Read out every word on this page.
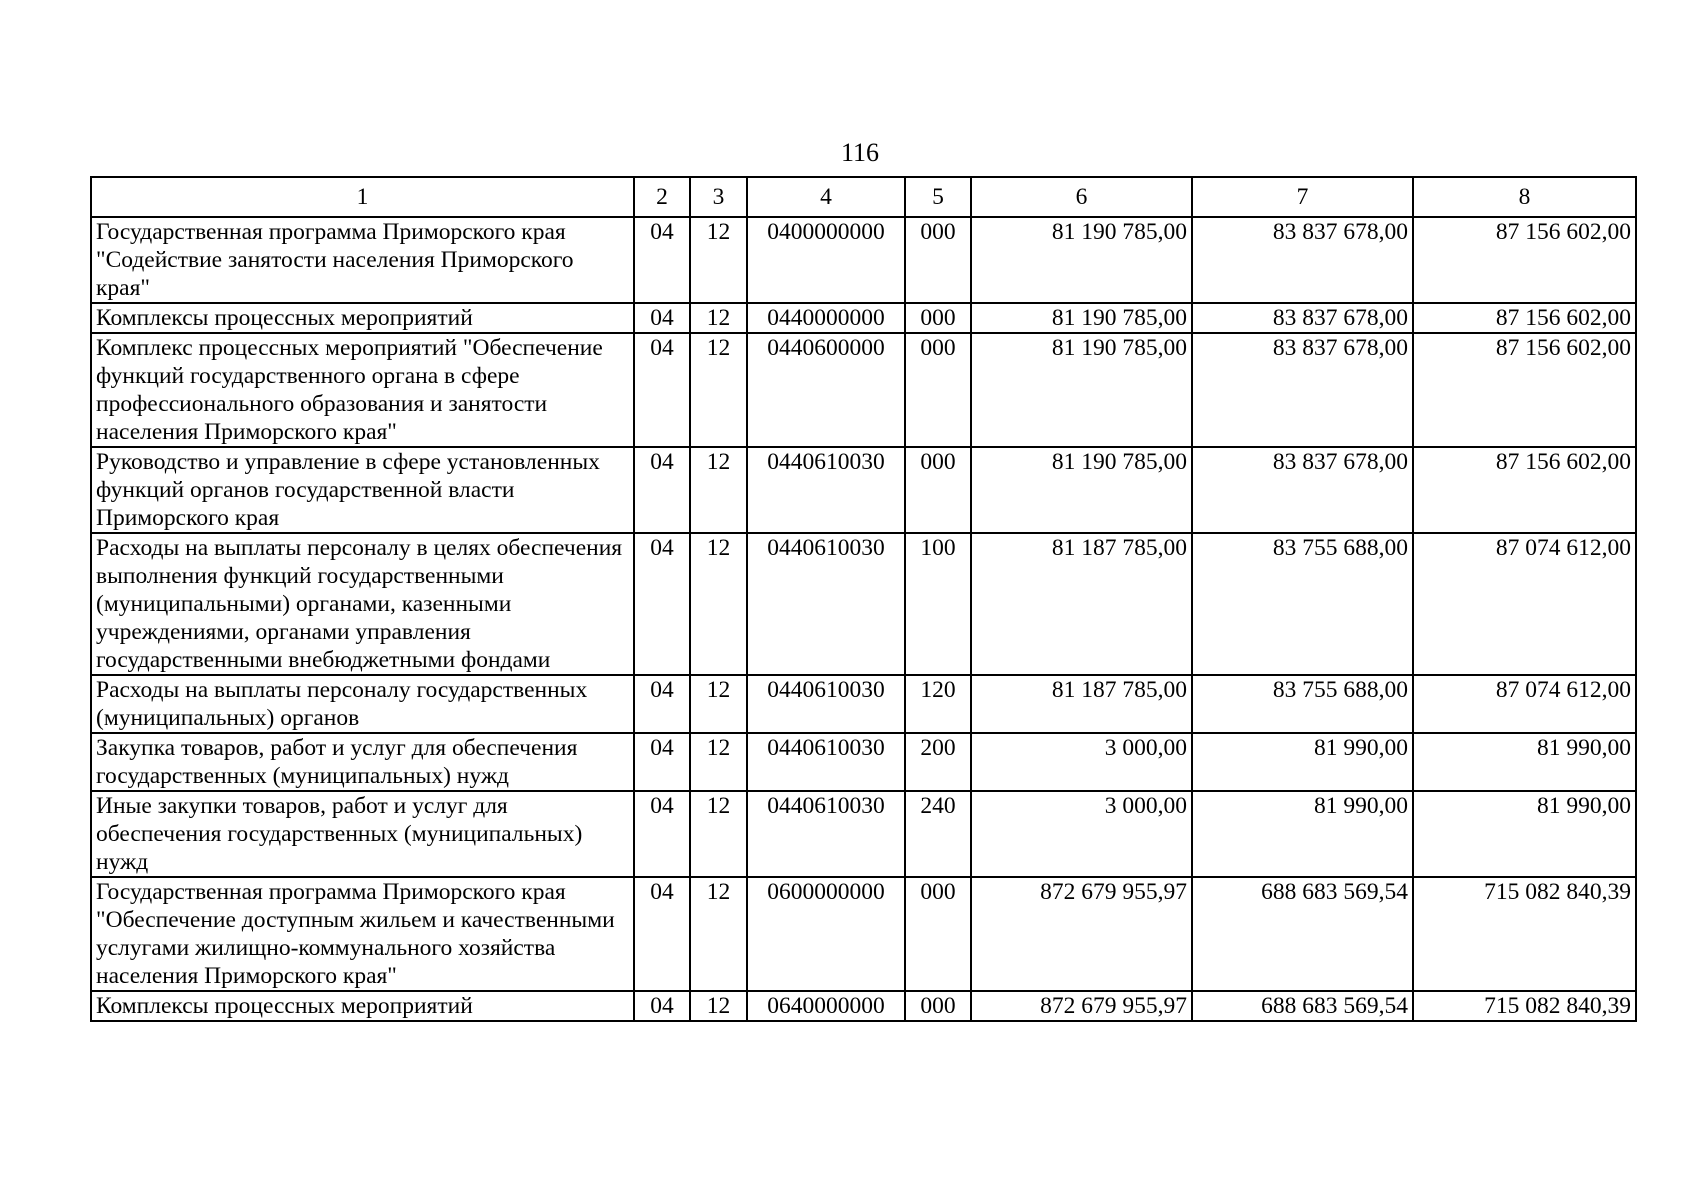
116
1	2	3	4	5	6	7	8
Государственная программа Приморского края "Содействие занятости населения Приморского края"	04	12	0400000000	000	81 190 785,00	83 837 678,00	87 156 602,00
Комплексы процессных мероприятий	04	12	0440000000	000	81 190 785,00	83 837 678,00	87 156 602,00
Комплекс процессных мероприятий "Обеспечение функций государственного органа в сфере профессионального образования и занятости населения Приморского края"	04	12	0440600000	000	81 190 785,00	83 837 678,00	87 156 602,00
Руководство и управление в сфере установленных функций органов государственной власти Приморского края	04	12	0440610030	000	81 190 785,00	83 837 678,00	87 156 602,00
Расходы на выплаты персоналу в целях обеспечения выполнения функций государственными (муниципальными) органами, казенными учреждениями, органами управления государственными внебюджетными фондами	04	12	0440610030	100	81 187 785,00	83 755 688,00	87 074 612,00
Расходы на выплаты персоналу государственных (муниципальных) органов	04	12	0440610030	120	81 187 785,00	83 755 688,00	87 074 612,00
Закупка товаров, работ и услуг для обеспечения государственных (муниципальных) нужд	04	12	0440610030	200	3 000,00	81 990,00	81 990,00
Иные закупки товаров, работ и услуг для обеспечения государственных (муниципальных) нужд	04	12	0440610030	240	3 000,00	81 990,00	81 990,00
Государственная программа Приморского края "Обеспечение доступным жильем и качественными услугами жилищно-коммунального хозяйства населения Приморского края"	04	12	0600000000	000	872 679 955,97	688 683 569,54	715 082 840,39
Комплексы процессных мероприятий	04	12	0640000000	000	872 679 955,97	688 683 569,54	715 082 840,39
